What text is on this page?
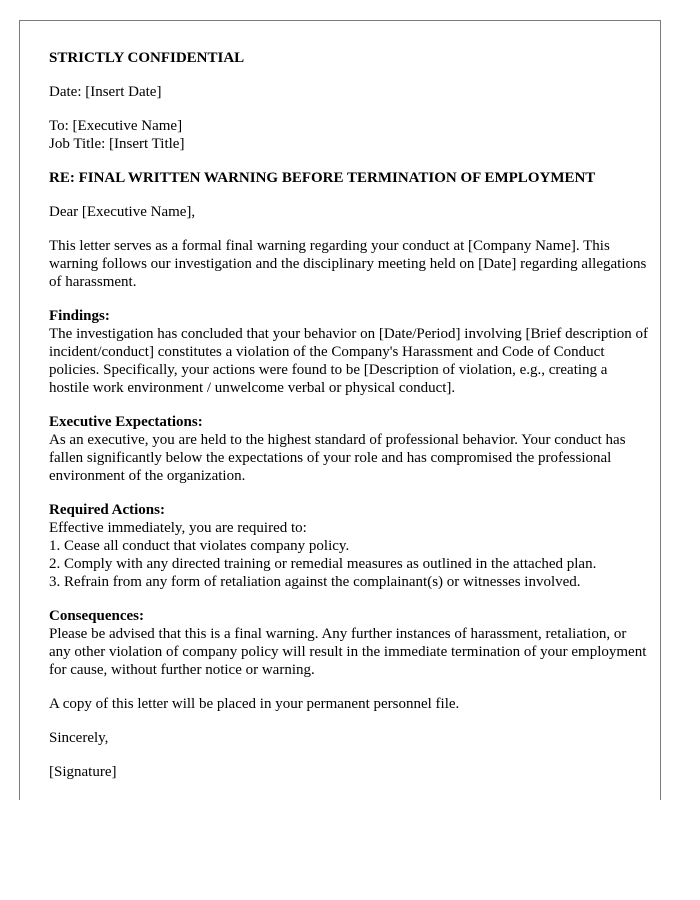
STRICTLY CONFIDENTIAL

Date: [Insert Date]

To: [Executive Name]
Job Title: [Insert Title]

RE: FINAL WRITTEN WARNING BEFORE TERMINATION OF EMPLOYMENT

Dear [Executive Name],

This letter serves as a formal final warning regarding your conduct at [Company Name]. This warning follows our investigation and the disciplinary meeting held on [Date] regarding allegations of harassment.

Findings:
The investigation has concluded that your behavior on [Date/Period] involving [Brief description of incident/conduct] constitutes a violation of the Company's Harassment and Code of Conduct policies. Specifically, your actions were found to be [Description of violation, e.g., creating a hostile work environment / unwelcome verbal or physical conduct].

Executive Expectations:
As an executive, you are held to the highest standard of professional behavior. Your conduct has fallen significantly below the expectations of your role and has compromised the professional environment of the organization.

Required Actions:
Effective immediately, you are required to:
1. Cease all conduct that violates company policy.
2. Comply with any directed training or remedial measures as outlined in the attached plan.
3. Refrain from any form of retaliation against the complainant(s) or witnesses involved.

Consequences:
Please be advised that this is a final warning. Any further instances of harassment, retaliation, or any other violation of company policy will result in the immediate termination of your employment for cause, without further notice or warning.

A copy of this letter will be placed in your permanent personnel file.

Sincerely,

[Signature]
